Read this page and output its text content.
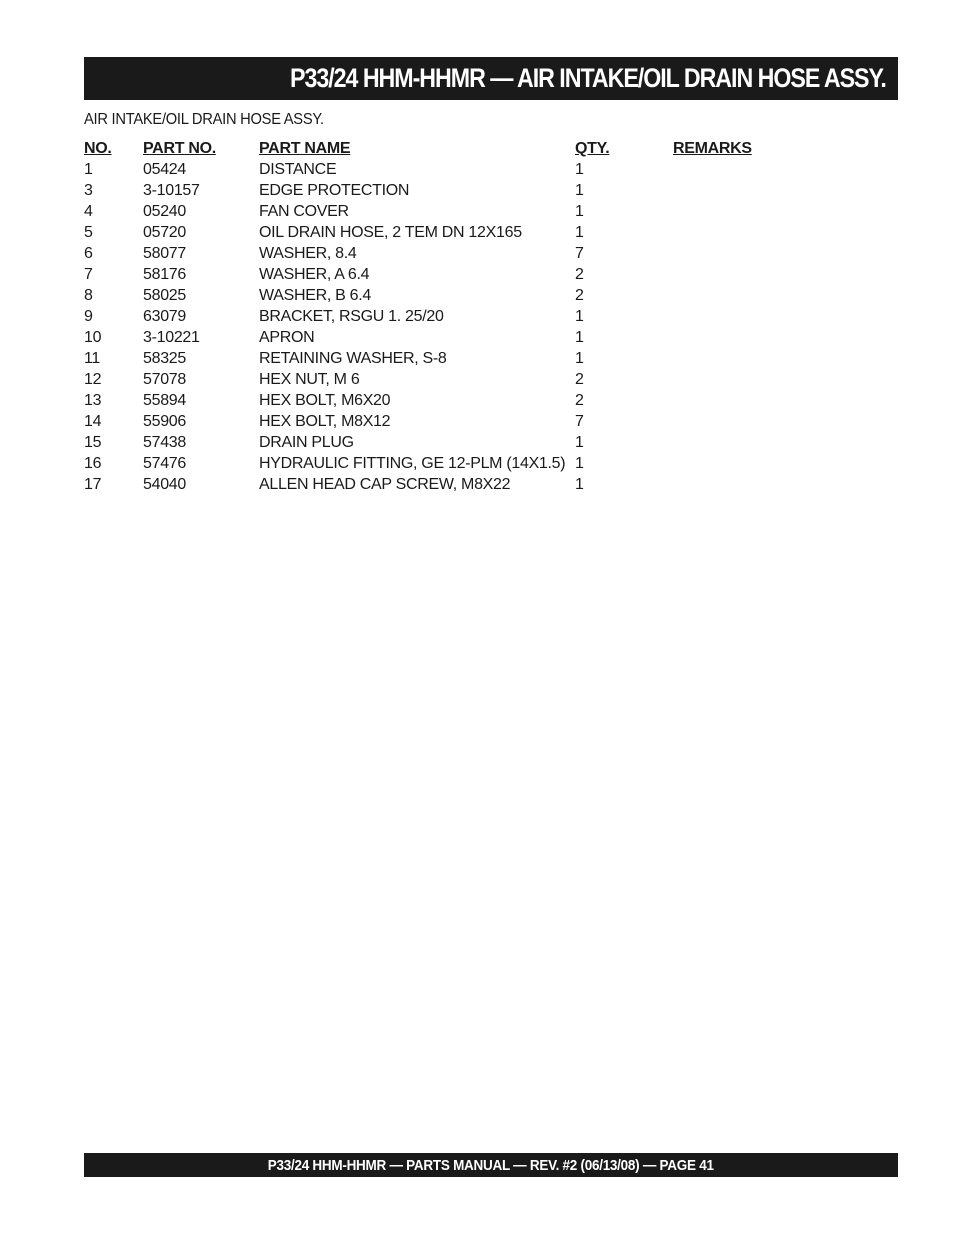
P33/24 HHM-HHMR — AIR INTAKE/OIL DRAIN HOSE ASSY.
AIR INTAKE/OIL DRAIN HOSE ASSY.
NO.	PART NO.	PART NAME	QTY.	REMARKS
1	05424	DISTANCE	1	
3	3-10157	EDGE PROTECTION	1	
4	05240	FAN COVER	1	
5	05720	OIL DRAIN HOSE, 2 TEM DN 12X165	1	
6	58077	WASHER, 8.4	7	
7	58176	WASHER, A 6.4	2	
8	58025	WASHER, B 6.4	2	
9	63079	BRACKET, RSGU 1. 25/20	1	
10	3-10221	APRON	1	
11	58325	RETAINING WASHER, S-8	1	
12	57078	HEX NUT, M 6	2	
13	55894	HEX BOLT, M6X20	2	
14	55906	HEX BOLT, M8X12	7	
15	57438	DRAIN PLUG	1	
16	57476	HYDRAULIC FITTING, GE 12-PLM (14X1.5)	1	
17	54040	ALLEN HEAD CAP SCREW, M8X22	1	
P33/24 HHM-HHMR — PARTS MANUAL — REV. #2 (06/13/08) — PAGE 41
